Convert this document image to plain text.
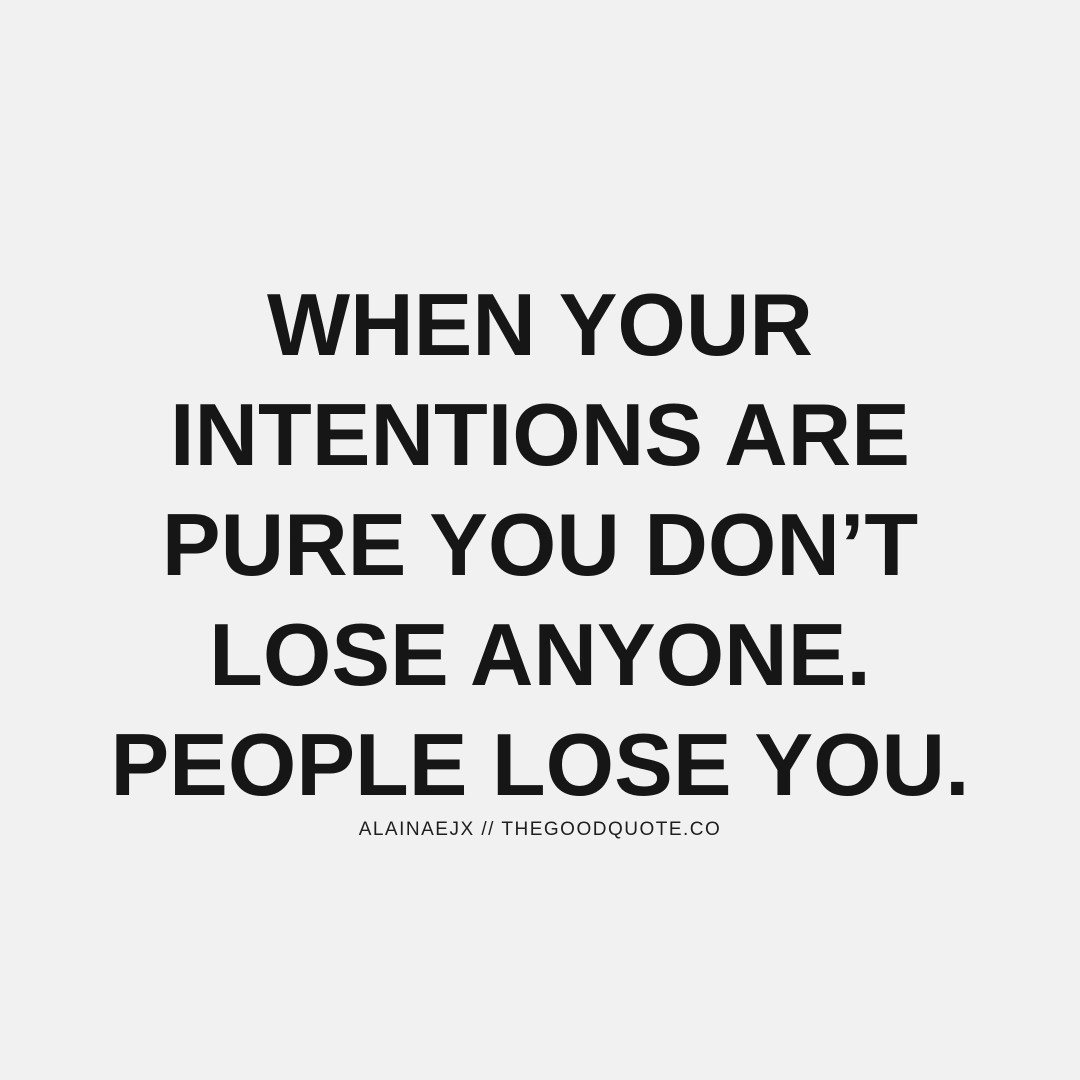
WHEN YOUR
INTENTIONS ARE
PURE YOU DON’T
LOSE ANYONE.
PEOPLE LOSE YOU.
ALAINAEJX // THEGOODQUOTE.CO
